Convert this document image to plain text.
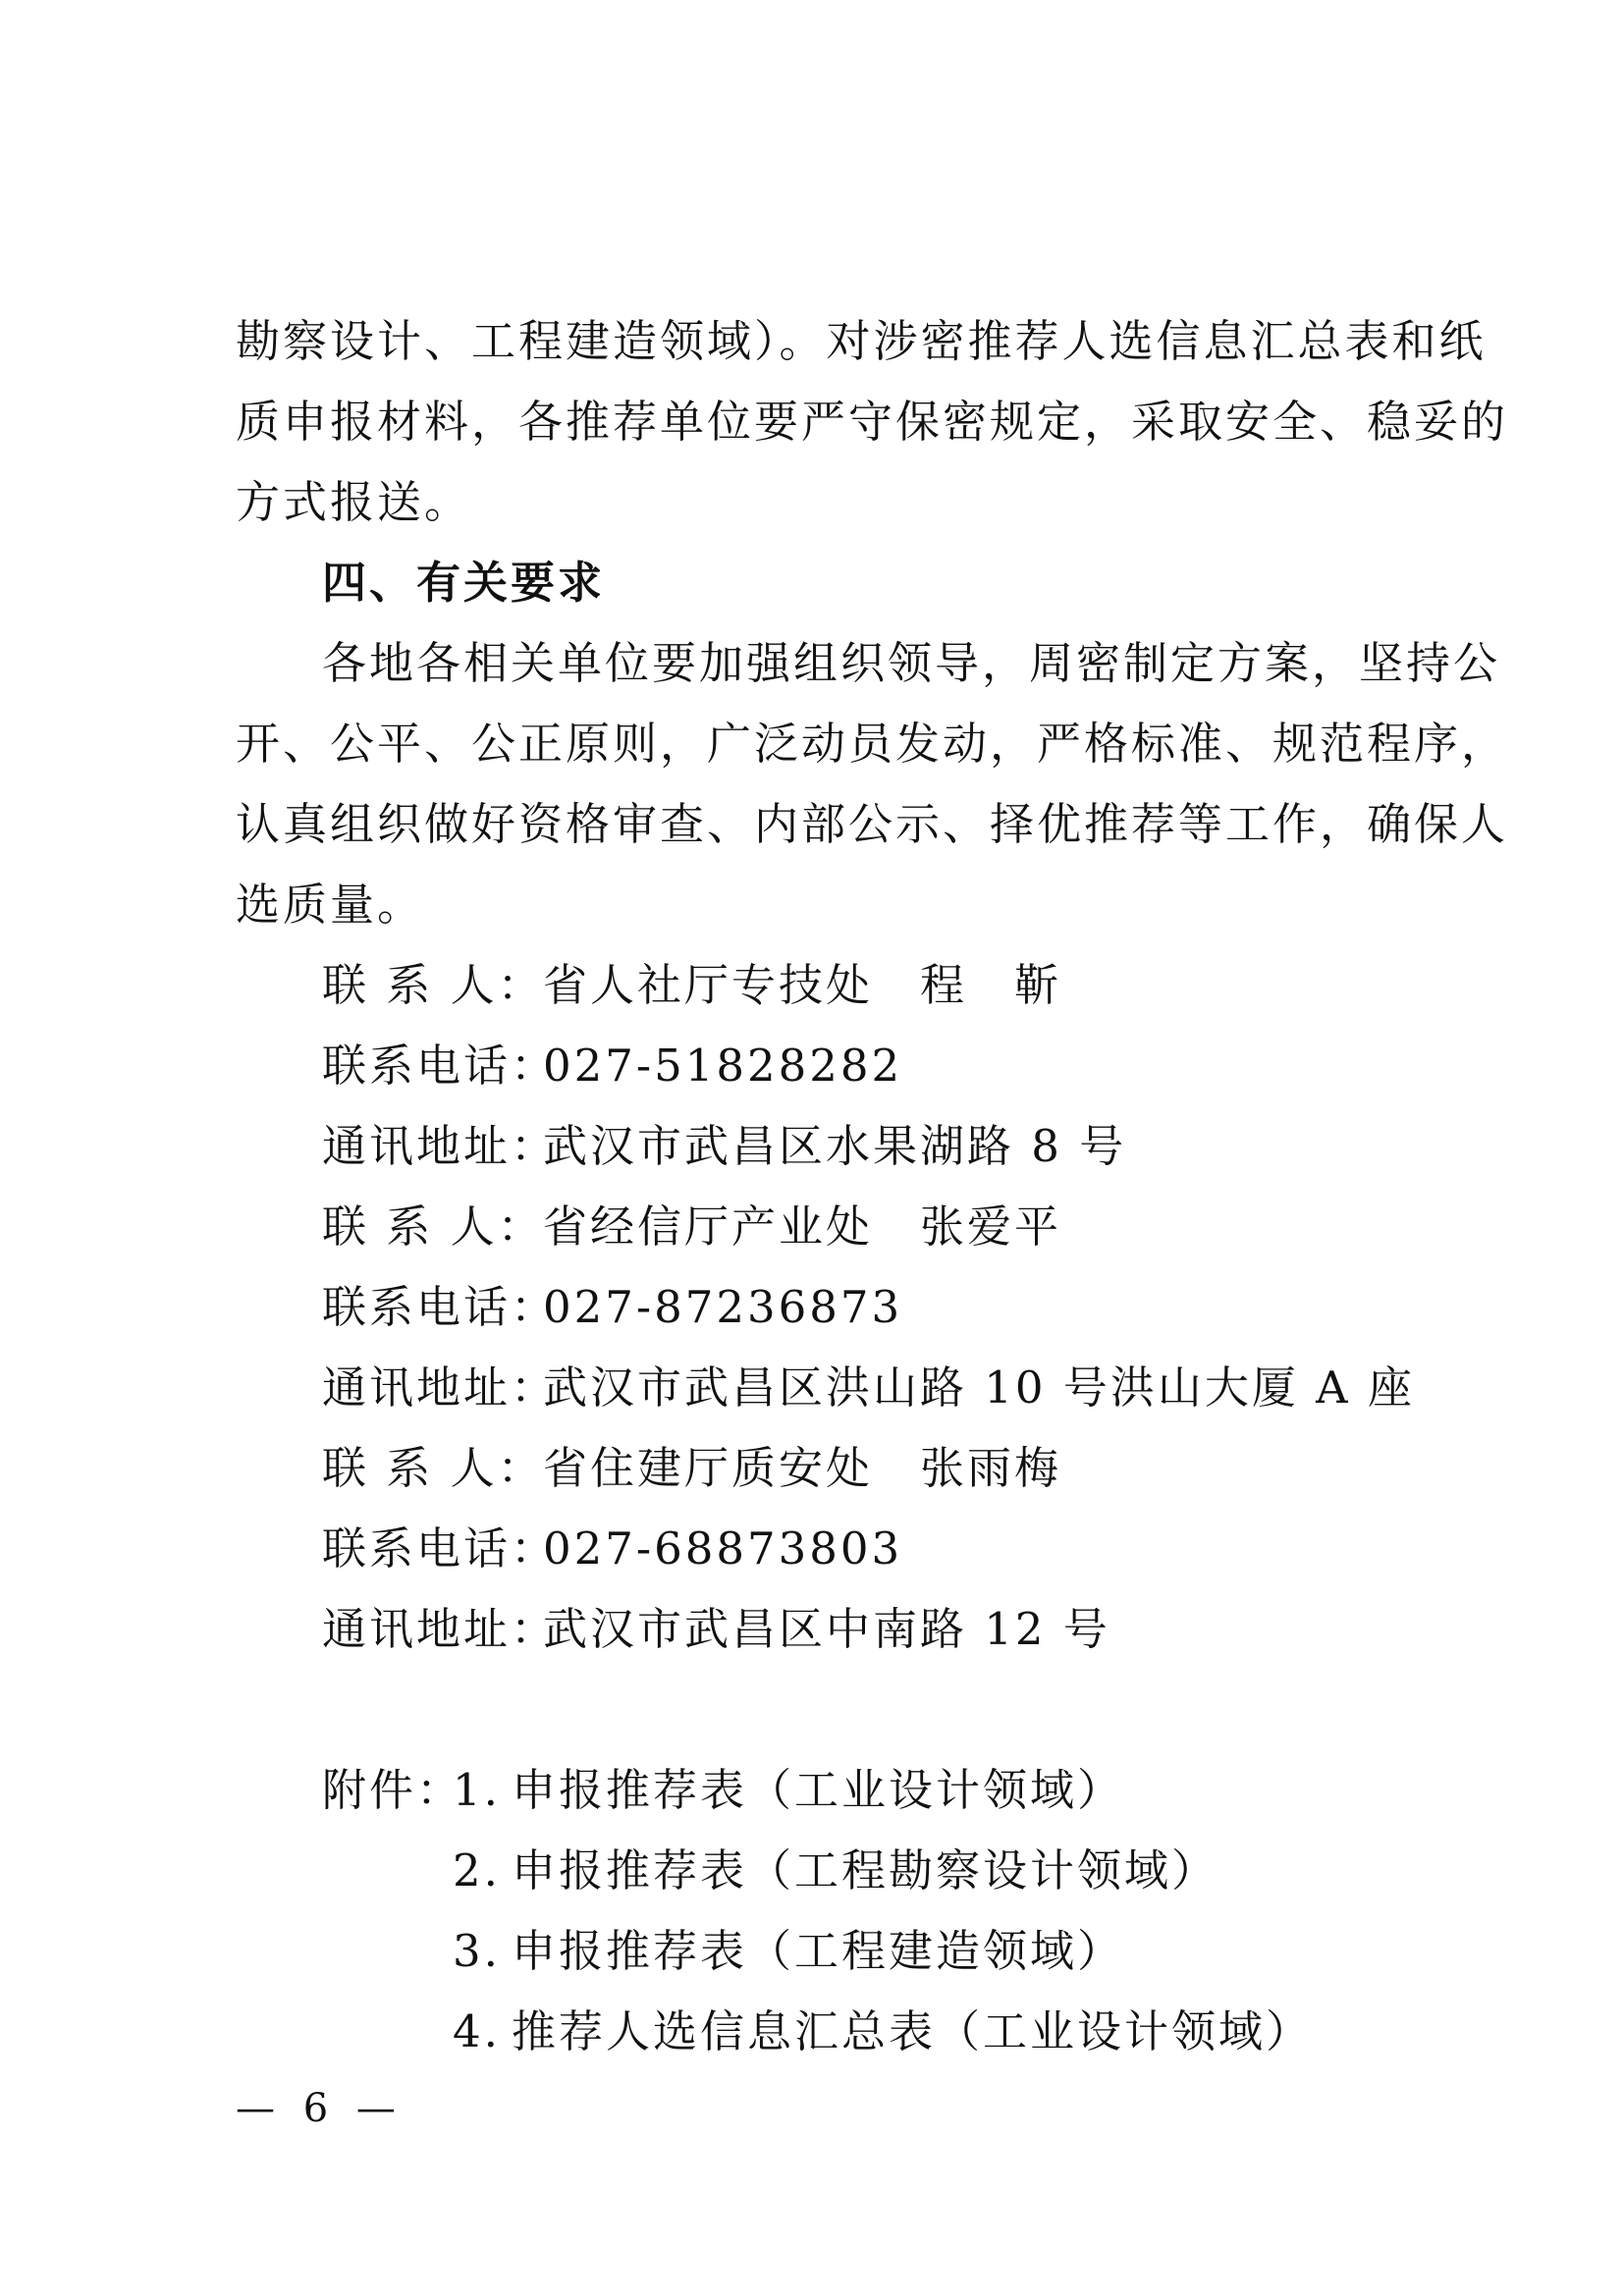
勘察设计、工程建造领域）。对涉密推荐人选信息汇总表和纸
质申报材料，各推荐单位要严守保密规定，采取安全、稳妥的
方式报送。
四、有关要求
各地各相关单位要加强组织领导，周密制定方案，坚持公
开、公平、公正原则，广泛动员发动，严格标准、规范程序，
认真组织做好资格审查、内部公示、择优推荐等工作，确保人
选质量。
联 系 人：省人社厅专技处　程　靳
联系电话：027-51828282
通讯地址：武汉市武昌区水果湖路 8 号
联 系 人：省经信厅产业处　张爱平
联系电话：027-87236873
通讯地址：武汉市武昌区洪山路 10 号洪山大厦 A 座
联 系 人：省住建厅质安处　张雨梅
联系电话：027-68873803
通讯地址：武汉市武昌区中南路 12 号
附件：1. 申报推荐表（工业设计领域）
2. 申报推荐表（工程勘察设计领域）
3. 申报推荐表（工程建造领域）
4. 推荐人选信息汇总表（工业设计领域）
— 6 —
